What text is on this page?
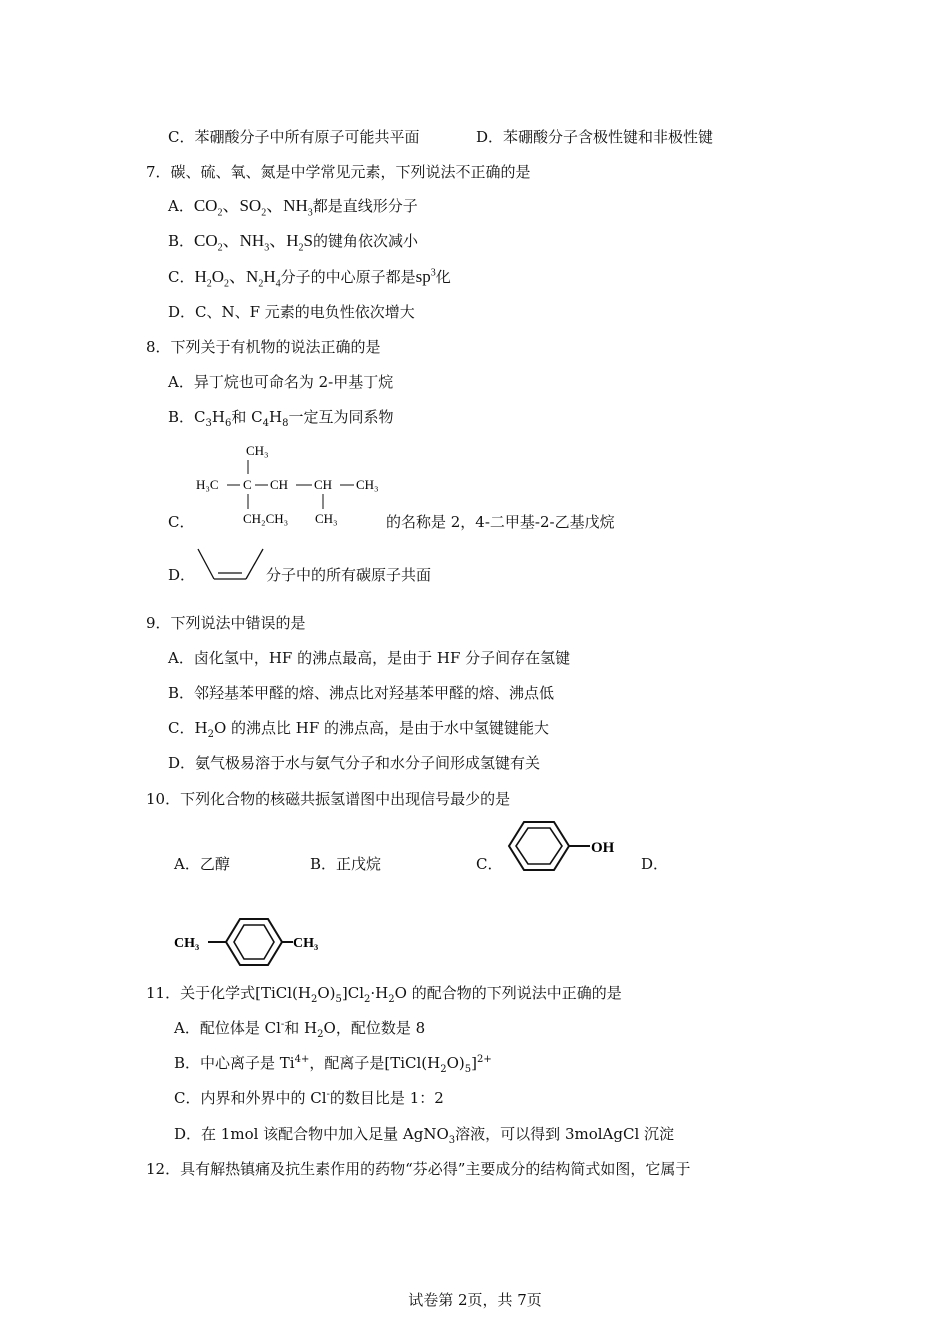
C．苯硼酸分子中所有原子可能共平面	D．苯硼酸分子含极性键和非极性键
7．碳、硫、氧、氮是中学常见元素，下列说法不正确的是
A．$CO_2$、$SO_2$、$NH_3$都是直线形分子
B．$CO_2$、$NH_3$、$H_2S$的键角依次减小
C．$H_2O_2$、$N_2H_4$分子的中心原子都是$sp^3$化
D．C、N、F 元素的电负性依次增大
8．下列关于有机物的说法正确的是
A．异丁烷也可命名为 2-甲基丁烷
B．$C_3H_6$和 $C_4H_8$一定互为同系物
CH₃
H₃C C CH CH CH₃
CH₂CH₃ CH₃
C．	的名称是 2，4-二甲基-2-乙基戊烷
D．	分子中的所有碳原子共面
9．下列说法中错误的是
A．卤化氢中，HF 的沸点最高，是由于 HF 分子间存在氢键
B．邻羟基苯甲醛的熔、沸点比对羟基苯甲醛的熔、沸点低
C．$H_2O$ 的沸点比 HF 的沸点高，是由于水中氢键键能大
D．氨气极易溶于水与氨气分子和水分子间形成氢键有关
10．下列化合物的核磁共振氢谱图中出现信号最少的是
A．乙醇	B．正戊烷	C．
OH
D．
CH₃	CH₃
11．关于化学式$[TiCl(H_2O)_5]Cl_2\cdot H_2O$ 的配合物的下列说法中正确的是
A．配位体是 Cl-和 $H_2O$，配位数是 8
B．中心离子是 $Ti^{4+}$，配离子是$[TiCl(H_2O)_5]^{2+}$
C．内界和外界中的 Cl-的数目比是 1：2
D．在 1mol 该配合物中加入足量 AgNO$_3$溶液，可以得到 3molAgCl 沉淀
12．具有解热镇痛及抗生素作用的药物“芬必得”主要成分的结构简式如图，它属于
试卷第 2页，共 7页
